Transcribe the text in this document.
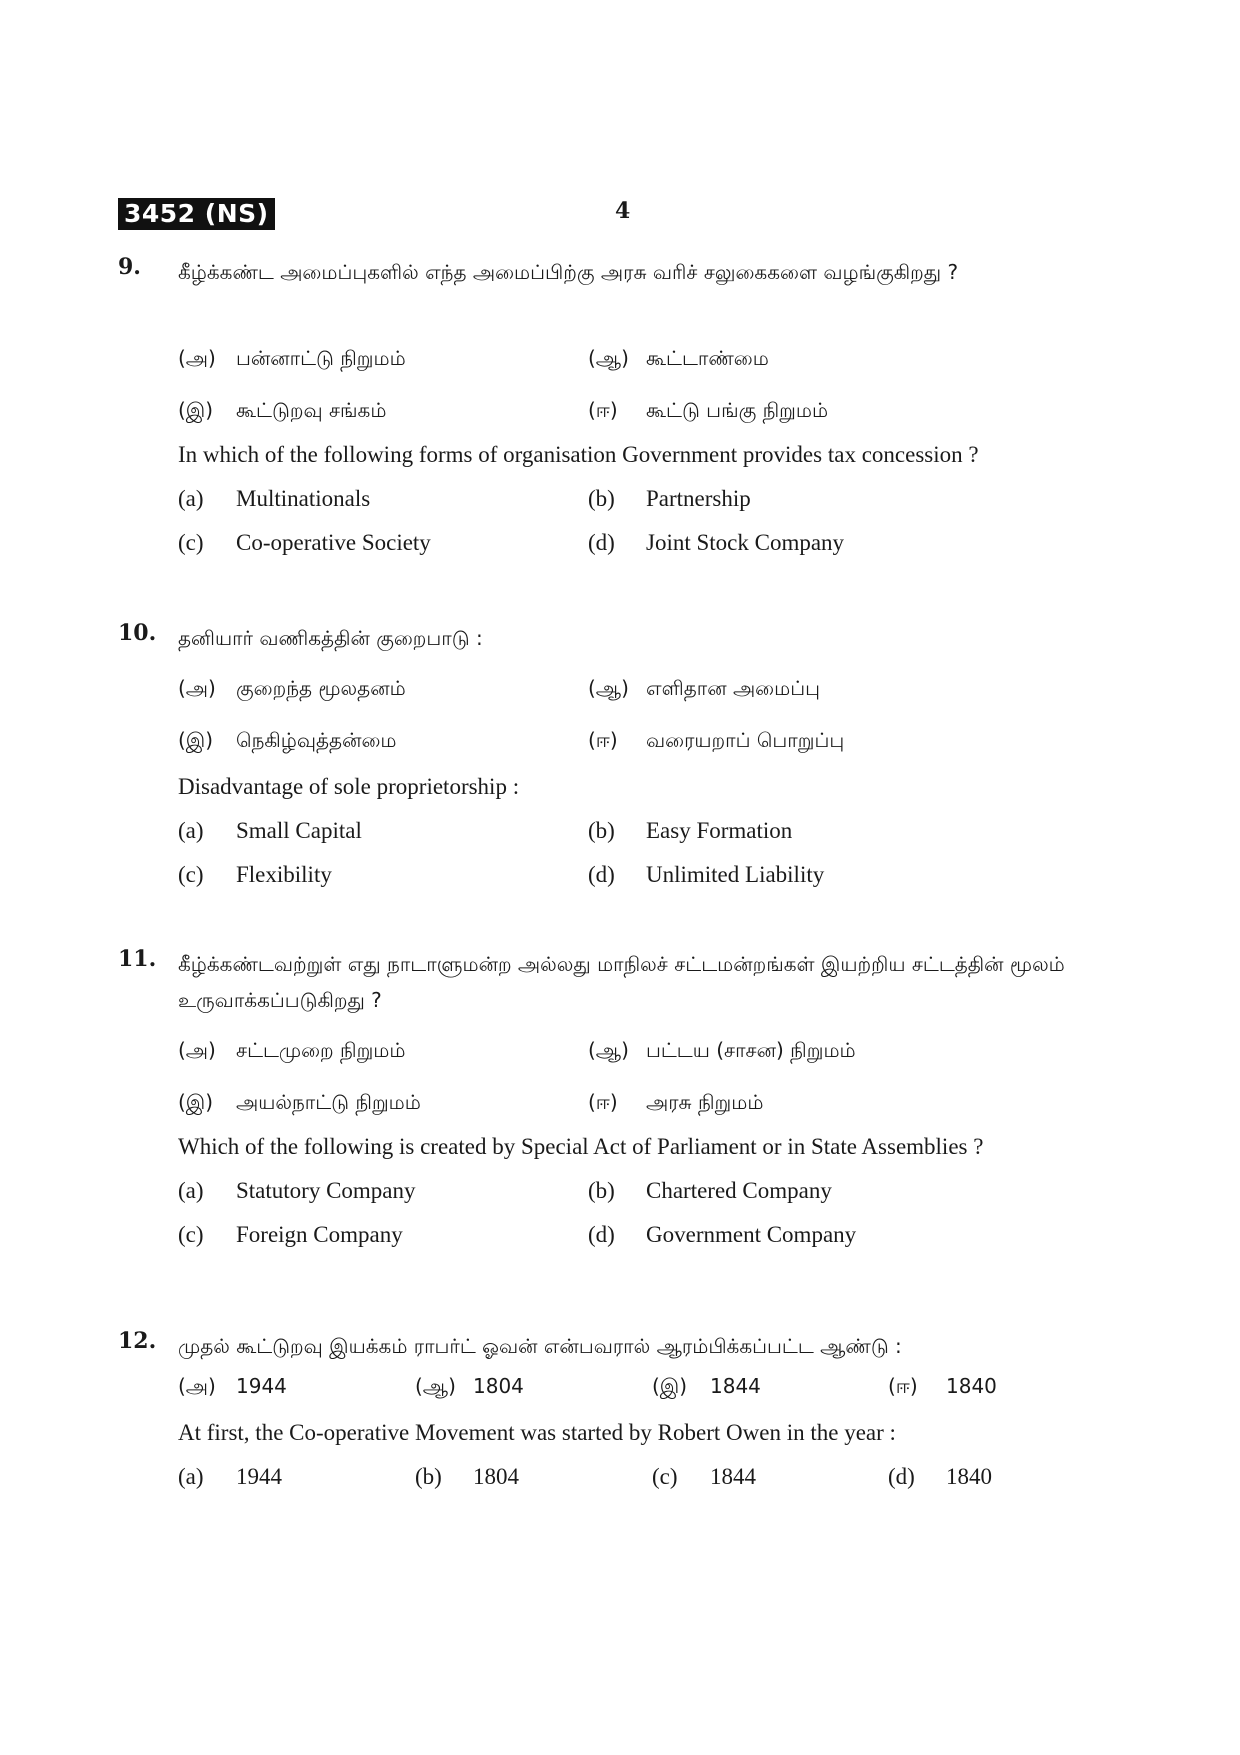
3452 (NS)	4
9. கீழ்க்கண்ட அமைப்புகளில் எந்த அமைப்பிற்கு அரசு வரிச் சலுகைகளை வழங்குகிறது ?
(அ) பன்னாட்டு நிறுமம்	(ஆ) கூட்டாண்மை
(இ) கூட்டுறவு சங்கம்	(ஈ) கூட்டு பங்கு நிறுமம்
In which of the following forms of organisation Government provides tax concession ?
(a) Multinationals	(b) Partnership
(c) Co-operative Society	(d) Joint Stock Company
10. தனியார் வணிகத்தின் குறைபாடு :
(அ) குறைந்த மூலதனம்	(ஆ) எளிதான அமைப்பு
(இ) நெகிழ்வுத்தன்மை	(ஈ) வரையறாப் பொறுப்பு
Disadvantage of sole proprietorship :
(a) Small Capital	(b) Easy Formation
(c) Flexibility	(d) Unlimited Liability
11. கீழ்க்கண்டவற்றுள் எது நாடாளுமன்ற அல்லது மாநிலச் சட்டமன்றங்கள் இயற்றிய சட்டத்தின் மூலம் உருவாக்கப்படுகிறது ?
(அ) சட்டமுறை நிறுமம்	(ஆ) பட்டய (சாசன) நிறுமம்
(இ) அயல்நாட்டு நிறுமம்	(ஈ) அரசு நிறுமம்
Which of the following is created by Special Act of Parliament or in State Assemblies ?
(a) Statutory Company	(b) Chartered Company
(c) Foreign Company	(d) Government Company
12. முதல் கூட்டுறவு இயக்கம் ராபர்ட் ஓவன் என்பவரால் ஆரம்பிக்கப்பட்ட ஆண்டு :
(அ) 1944	(ஆ) 1804	(இ) 1844	(ஈ) 1840
At first, the Co-operative Movement was started by Robert Owen in the year :
(a) 1944	(b) 1804	(c) 1844	(d) 1840
